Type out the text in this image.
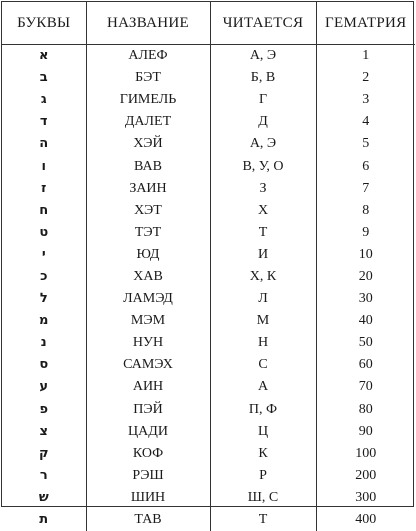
БУКВЫ	НАЗВАНИЕ	ЧИТАЕТСЯ	ГЕМАТРИЯ
א	АЛЕФ	А, Э	1
ב	БЭТ	Б, В	2
ג	ГИМЕЛЬ	Г	3
ד	ДАЛЕТ	Д	4
ה	ХЭЙ	А, Э	5
ו	ВАВ	В, У, О	6
ז	ЗАИН	З	7
ח	ХЭТ	Х	8
ט	ТЭТ	Т	9
י	ЮД	И	10
כ	ХАВ	Х, К	20
ל	ЛАМЭД	Л	30
מ	МЭМ	М	40
נ	НУН	Н	50
ס	САМЭХ	С	60
ע	АИН	А	70
פ	ПЭЙ	П, Ф	80
צ	ЦАДИ	Ц	90
ק	КОФ	К	100
ר	РЭШ	Р	200
ש	ШИН	Ш, С	300
ת	ТАВ	Т	400
